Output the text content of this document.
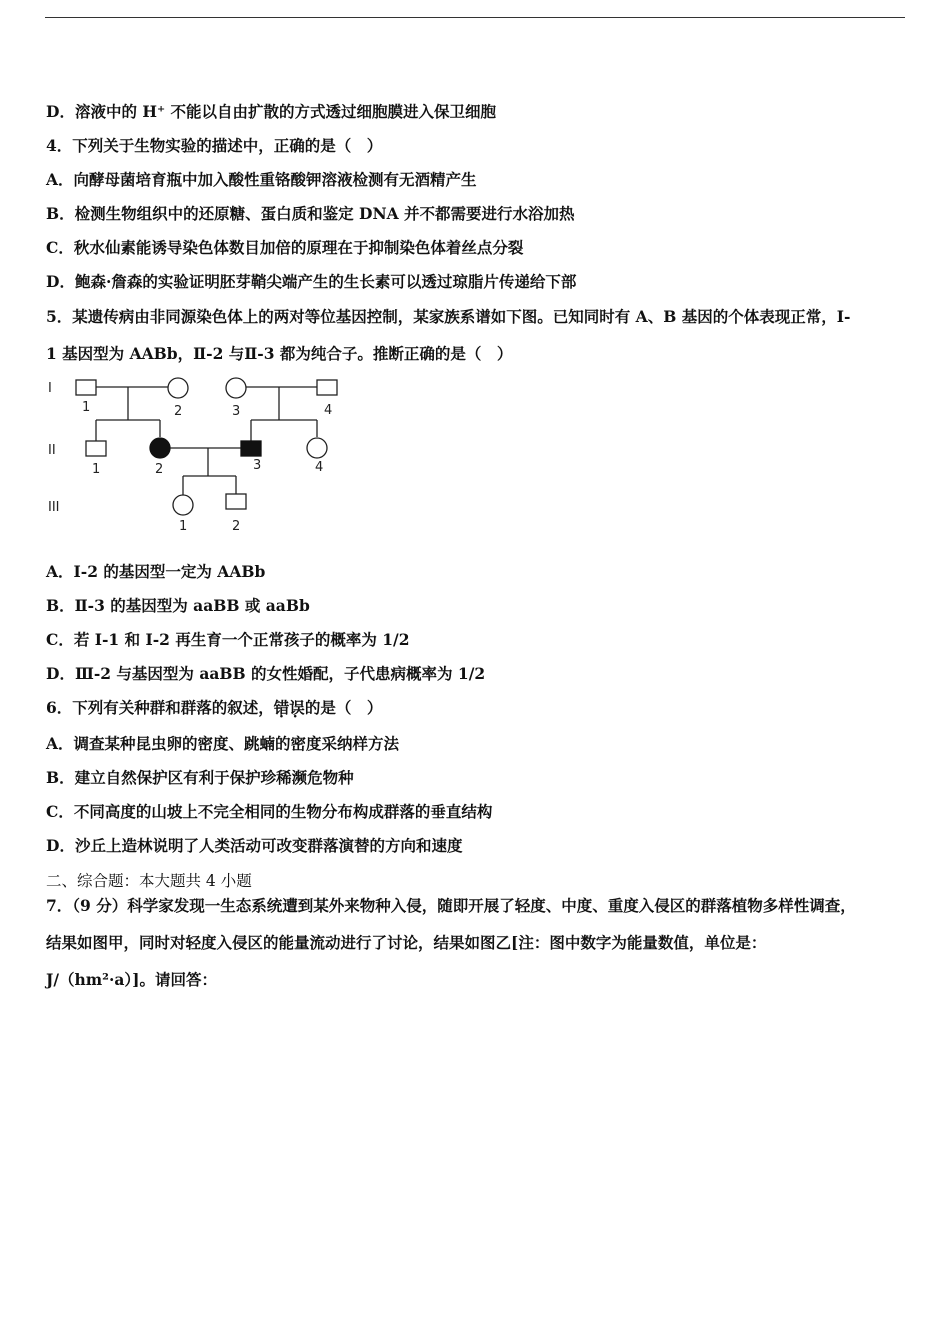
D．溶液中的 H⁺ 不能以自由扩散的方式透过细胞膜进入保卫细胞
4．下列关于生物实验的描述中，正确的是（　）
A．向酵母菌培育瓶中加入酸性重铬酸钾溶液检测有无酒精产生
B．检测生物组织中的还原糖、蛋白质和鉴定 DNA 并不都需要进行水浴加热
C．秋水仙素能诱导染色体数目加倍的原理在于抑制染色体着丝点分裂
D．鲍森·詹森的实验证明胚芽鞘尖端产生的生长素可以透过琼脂片传递给下部
5．某遗传病由非同源染色体上的两对等位基因控制，某家族系谱如下图。已知同时有 A、B 基因的个体表现正常，I-
1 基因型为 AABb，Ⅱ-2 与Ⅱ-3 都为纯合子。推断正确的是（　）
I
II
III
1	2	3	4
1	2	3	4
1	2
A．I-2 的基因型一定为 AABb
B．Ⅱ-3 的基因型为 aaBB 或 aaBb
C．若 I-1 和 I-2 再生育一个正常孩子的概率为 1/2
D．Ⅲ-2 与基因型为 aaBB 的女性婚配，子代患病概率为 1/2
6．下列有关种群和群落的叙述，错误 · ·的是（　）
A．调查某种昆虫卵的密度、跳蝻的密度采纳样方法
B．建立自然保护区有利于保护珍稀濒危物种
C．不同高度的山坡上不完全相同的生物分布构成群落的垂直结构
D．沙丘上造林说明了人类活动可改变群落演替的方向和速度
二、综合题：本大题共 4 小题
7．（9 分）科学家发现一生态系统遭到某外来物种入侵，随即开展了轻度、中度、重度入侵区的群落植物多样性调查，
结果如图甲，同时对轻度入侵区的能量流动进行了讨论，结果如图乙[注：图中数字为能量数值，单位是：
J/（hm²·a）]。请回答：
